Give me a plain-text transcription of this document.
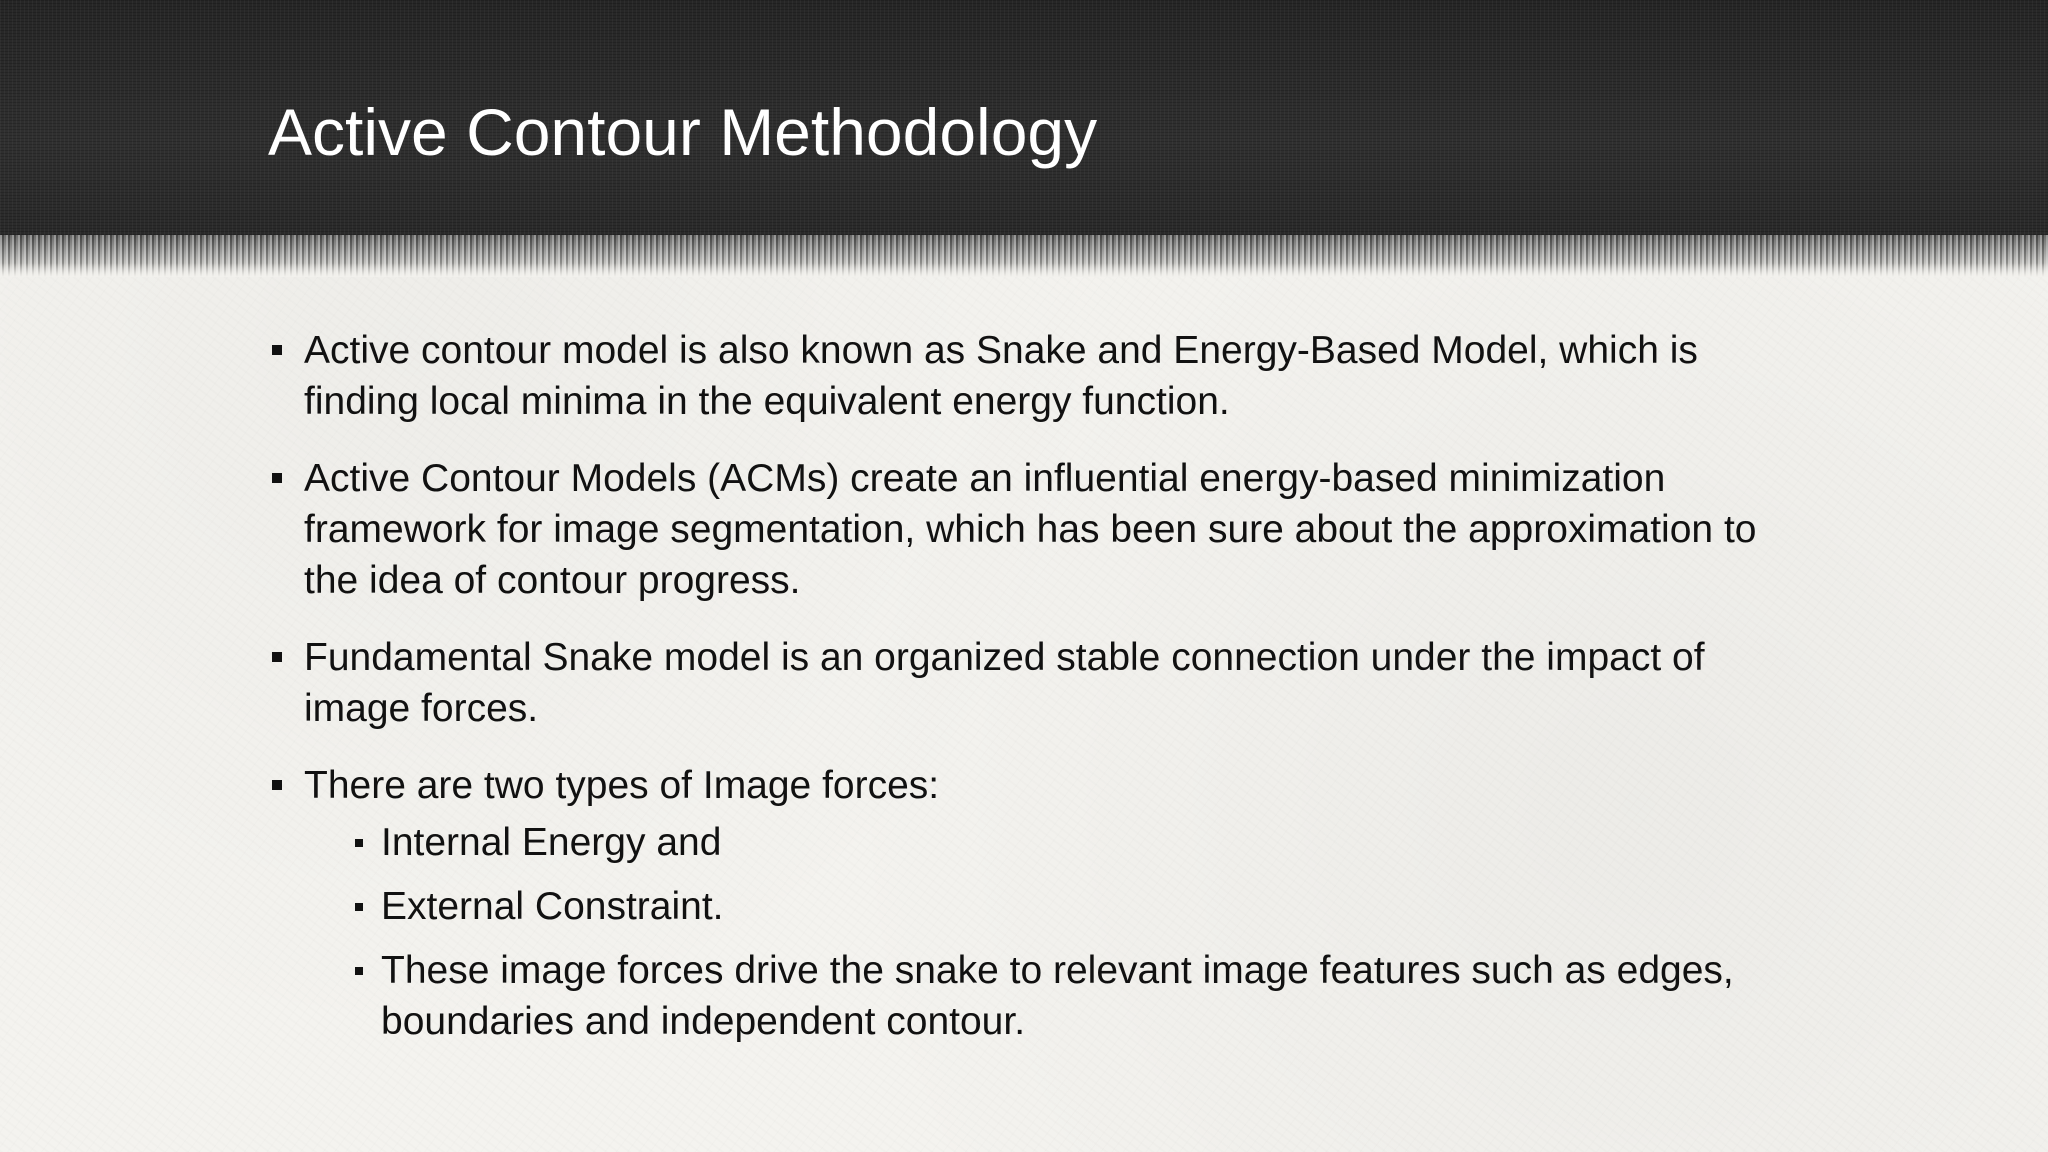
Active Contour Methodology
Active contour model is also known as Snake and Energy-Based Model, which is finding local minima in the equivalent energy function.
Active Contour Models (ACMs) create an influential energy-based minimization framework for image segmentation, which has been sure about the approximation to the idea of contour progress.
Fundamental Snake model is an organized stable connection under the impact of image forces.
There are two types of Image forces:
Internal Energy and
External Constraint.
These image forces drive the snake to relevant image features such as edges, boundaries and independent contour.
